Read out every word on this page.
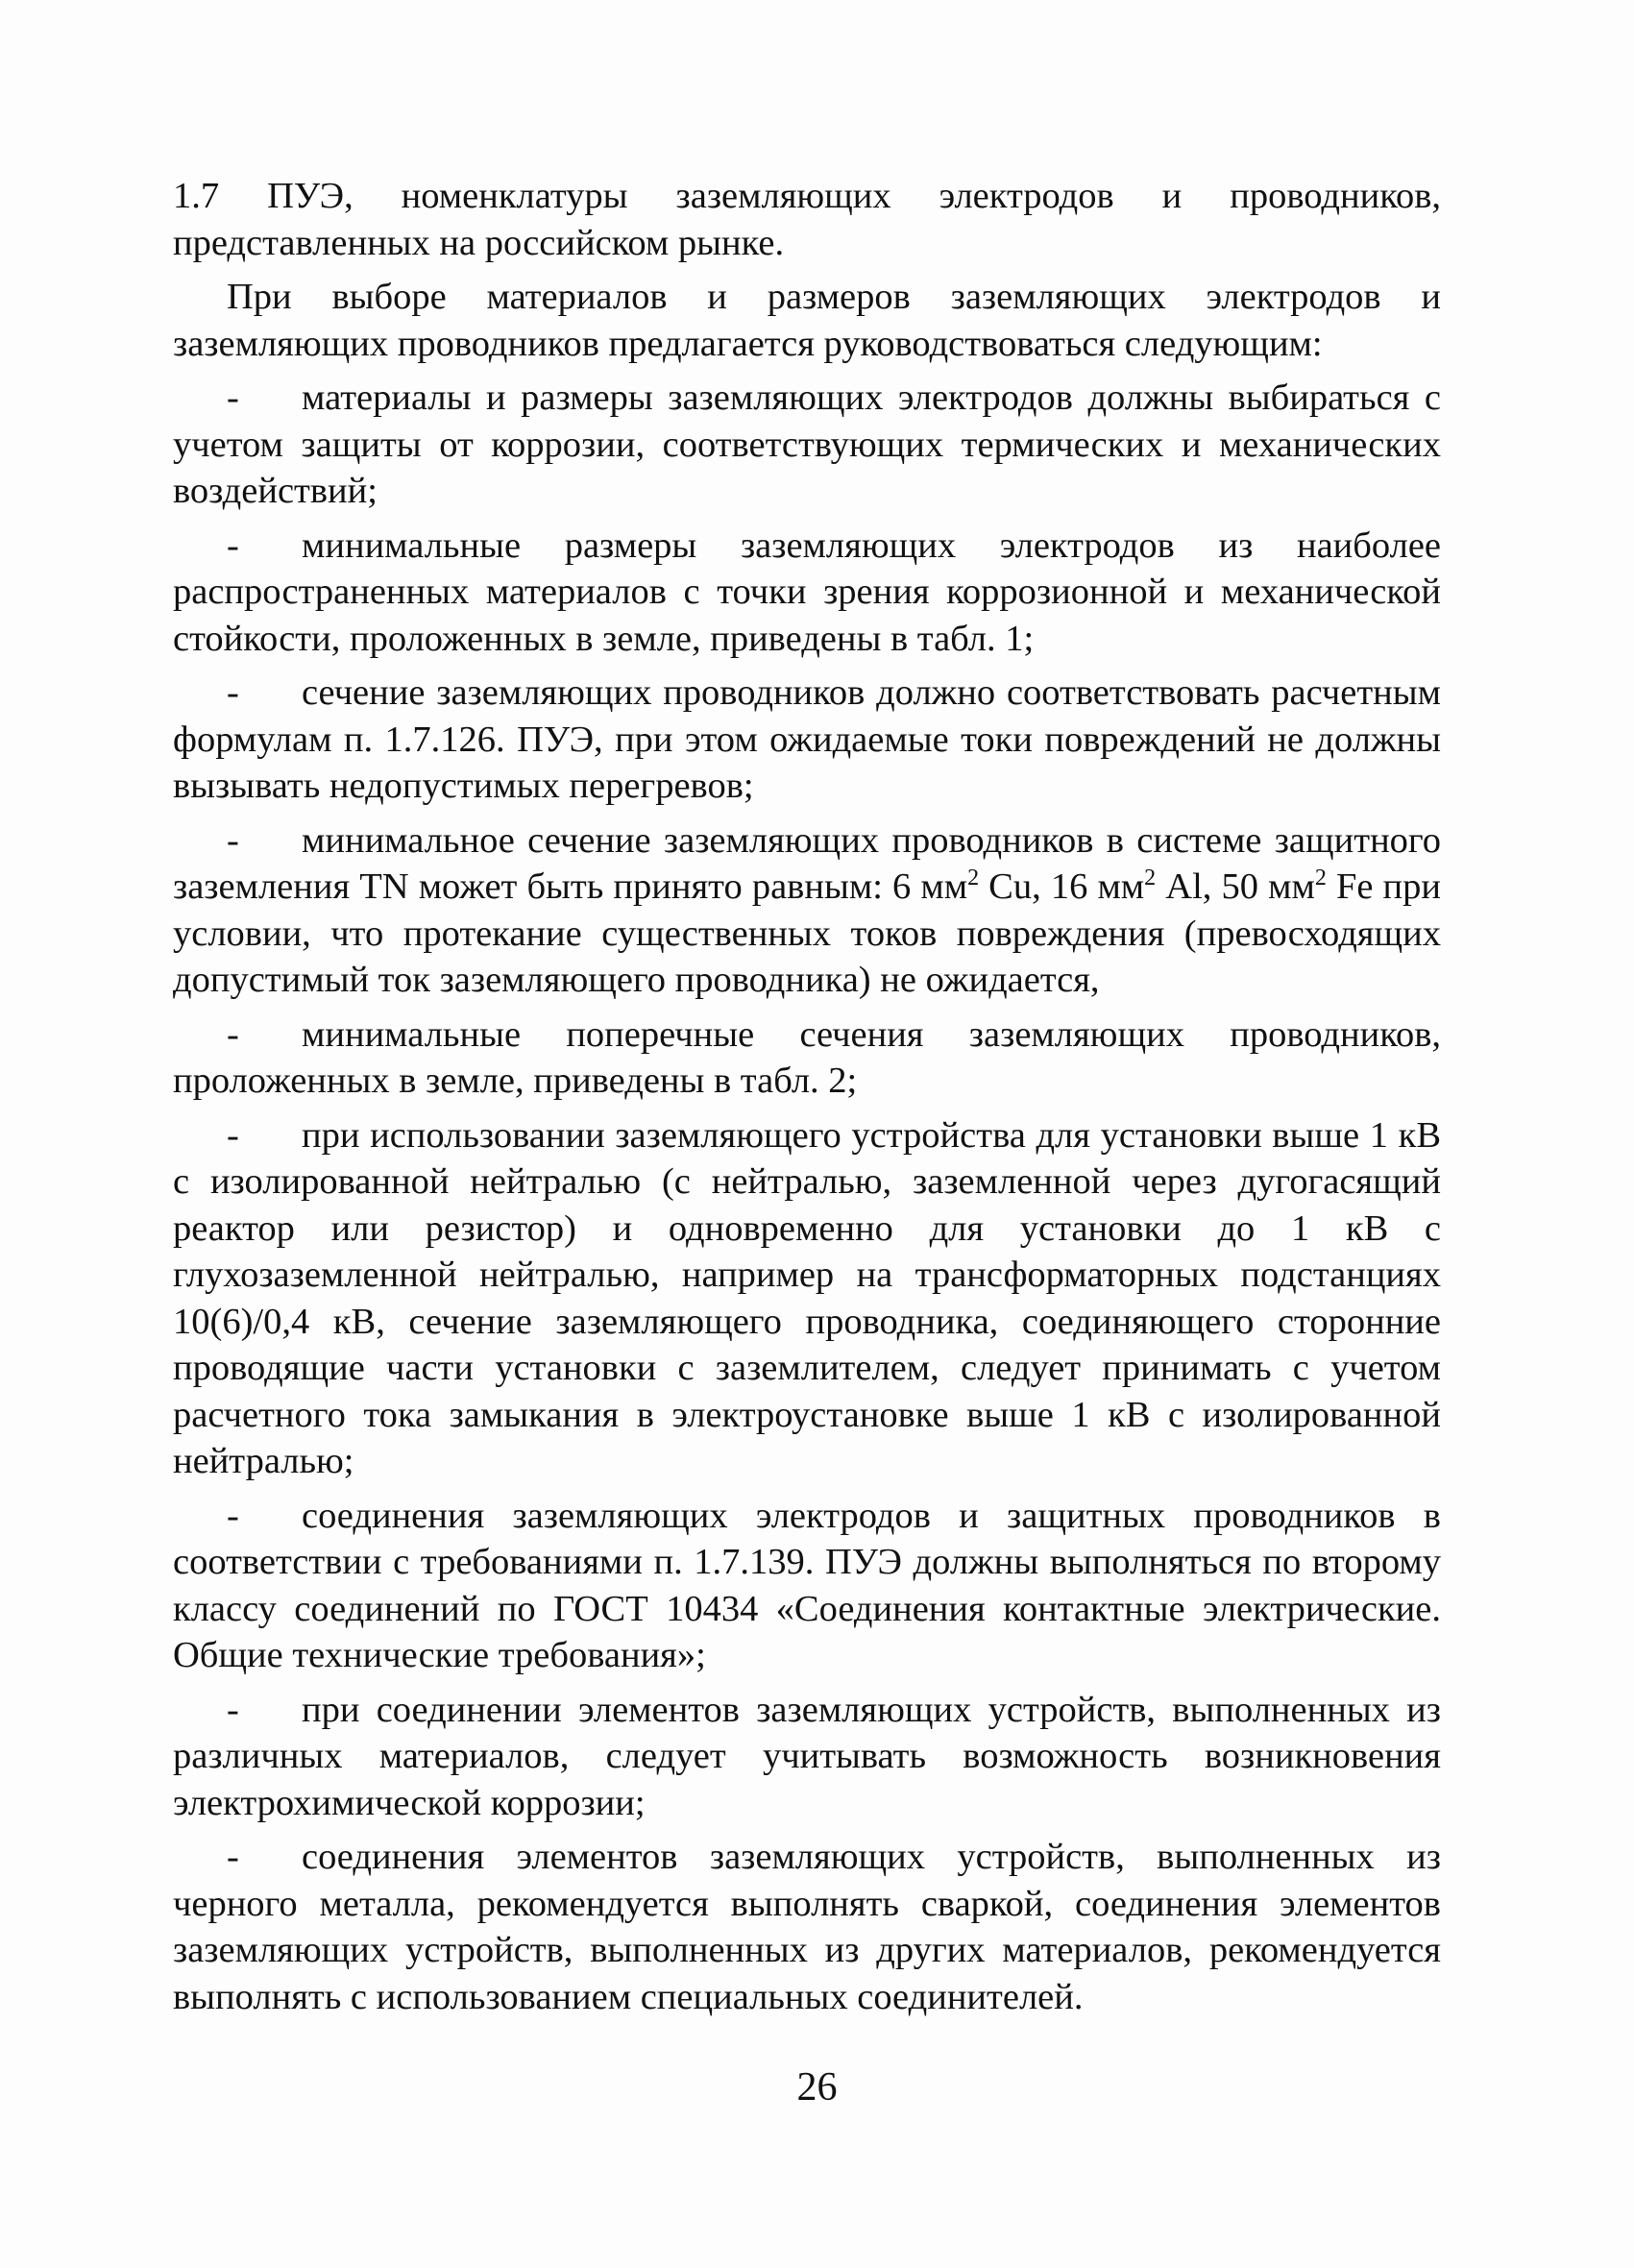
1.7 ПУЭ, номенклатуры заземляющих электродов и проводников, представленных на российском рынке.

При выборе материалов и размеров заземляющих электродов и заземляющих проводников предлагается руководствоваться следующим:

- материалы и размеры заземляющих электродов должны выбираться с учетом защиты от коррозии, соответствующих термических и механических воздействий;

- минимальные размеры заземляющих электродов из наиболее распространенных материалов с точки зрения коррозионной и механической стойкости, проложенных в земле, приведены в табл. 1;

- сечение заземляющих проводников должно соответствовать расчетным формулам п. 1.7.126. ПУЭ, при этом ожидаемые токи повреждений не должны вызывать недопустимых перегревов;

- минимальное сечение заземляющих проводников в системе защитного заземления TN может быть принято равным: 6 $мм^2$ Cu, 16 $мм^2$ Al, 50 $мм^2$ Fe при условии, что протекание существенных токов повреждения (превосходящих допустимый ток заземляющего проводника) не ожидается,

- минимальные поперечные сечения заземляющих проводников, проложенных в земле, приведены в табл. 2;

- при использовании заземляющего устройства для установки выше 1 кВ с изолированной нейтралью (с нейтралью, заземленной через дугогасящий реактор или резистор) и одновременно для установки до 1 кВ с глухозаземленной нейтралью, например на трансформаторных подстанциях 10(6)/0,4 кВ, сечение заземляющего проводника, соединяющего сторонние проводящие части установки с заземлителем, следует принимать с учетом расчетного тока замыкания в электроустановке выше 1 кВ с изолированной нейтралью;

- соединения заземляющих электродов и защитных проводников в соответствии с требованиями п. 1.7.139. ПУЭ должны выполняться по второму классу соединений по ГОСТ 10434 «Соединения контактные электрические. Общие технические требования»;

- при соединении элементов заземляющих устройств, выполненных из различных материалов, следует учитывать возможность возникновения электрохимической коррозии;

- соединения элементов заземляющих устройств, выполненных из черного металла, рекомендуется выполнять сваркой, соединения элементов заземляющих устройств, выполненных из других материалов, рекомендуется выполнять с использованием специальных соединителей.

26
